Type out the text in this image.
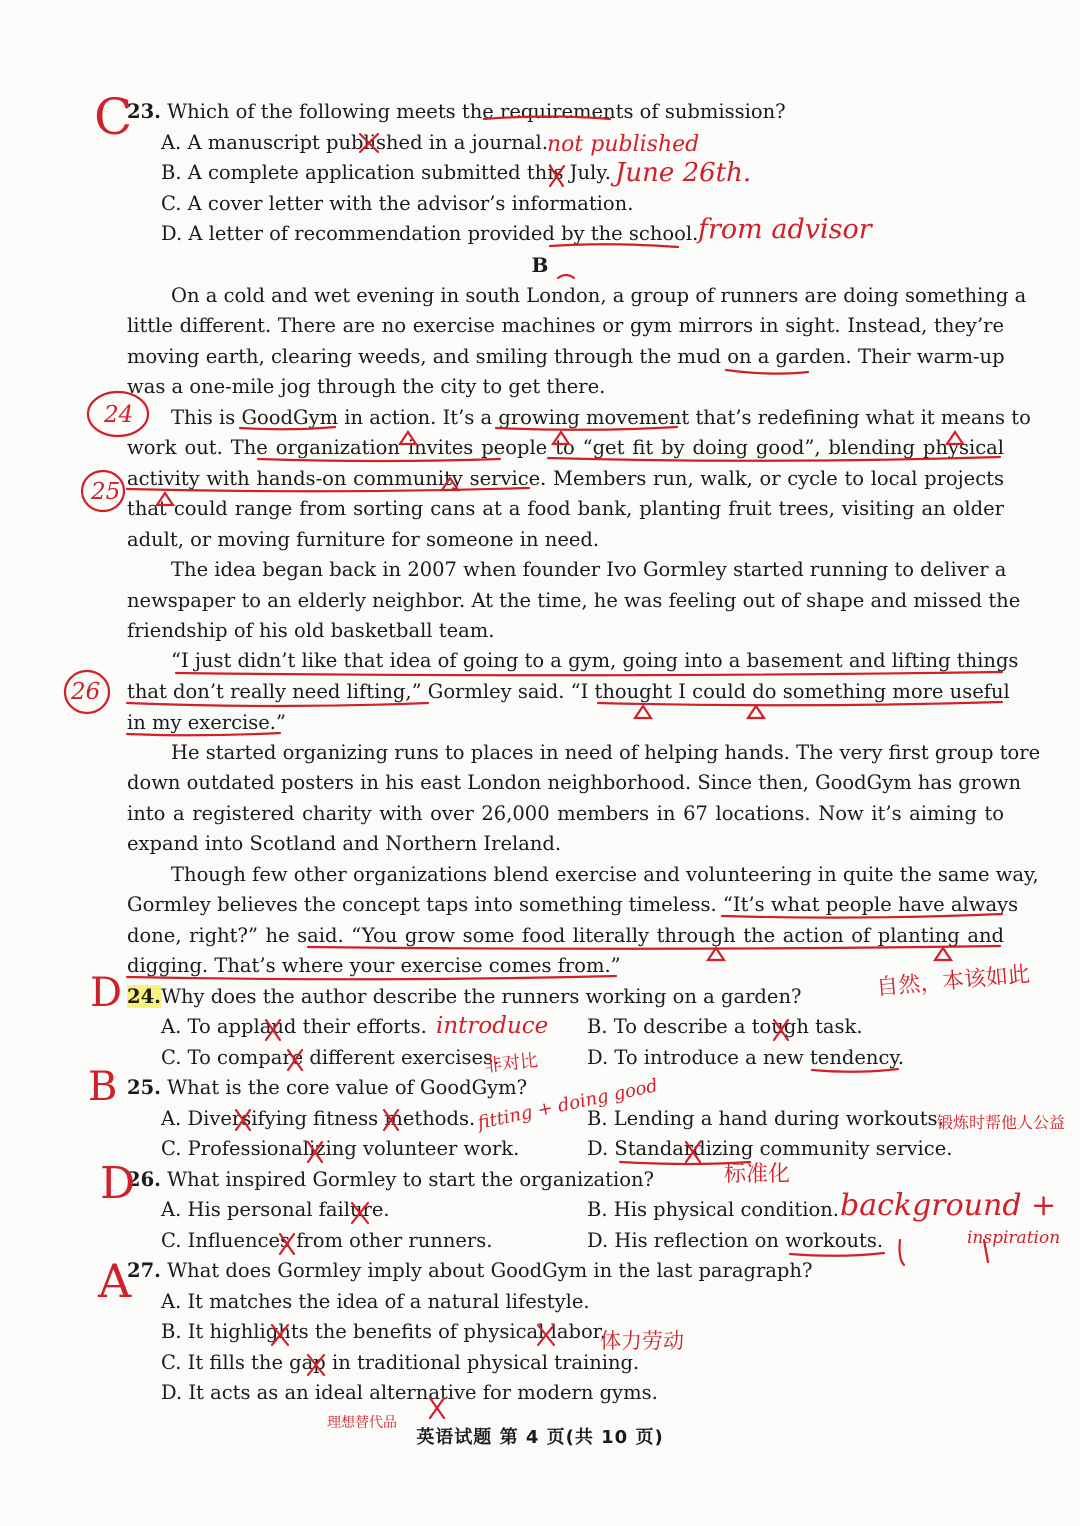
23. Which of the following meets the requirements of submission?
A. A manuscript published in a journal.
B. A complete application submitted this July.
C. A cover letter with the advisor’s information.
D. A letter of recommendation provided by the school.
B
On a cold and wet evening in south London, a group of runners are doing something a
little different. There are no exercise machines or gym mirrors in sight. Instead, they’re
moving earth, clearing weeds, and smiling through the mud on a garden. Their warm-up
was a one-mile jog through the city to get there.
This is GoodGym in action. It’s a growing movement that’s redefining what it means to
work out. The organization invites people to “get fit by doing good”, blending physical
activity with hands-on community service. Members run, walk, or cycle to local projects
that could range from sorting cans at a food bank, planting fruit trees, visiting an older
adult, or moving furniture for someone in need.
The idea began back in 2007 when founder Ivo Gormley started running to deliver a
newspaper to an elderly neighbor. At the time, he was feeling out of shape and missed the
friendship of his old basketball team.
“I just didn’t like that idea of going to a gym, going into a basement and lifting things
that don’t really need lifting,” Gormley said. “I thought I could do something more useful
in my exercise.”
He started organizing runs to places in need of helping hands. The very first group tore
down outdated posters in his east London neighborhood. Since then, GoodGym has grown
into a registered charity with over 26,000 members in 67 locations. Now it’s aiming to
expand into Scotland and Northern Ireland.
Though few other organizations blend exercise and volunteering in quite the same way,
Gormley believes the concept taps into something timeless. “It’s what people have always
done, right?” he said. “You grow some food literally through the action of planting and
digging. That’s where your exercise comes from.”
24.Why does the author describe the runners working on a garden?
A. To applaud their efforts.	B. To describe a tough task.
C. To compare different exercises.	D. To introduce a new tendency.
25. What is the core value of GoodGym?
A. Diversifying fitness methods.	B. Lending a hand during workouts.
C. Professionalizing volunteer work.	D. Standardizing community service.
26. What inspired Gormley to start the organization?
A. His personal failure.	B. His physical condition.
C. Influences from other runners.	D. His reflection on workouts.
27. What does Gormley imply about GoodGym in the last paragraph?
A. It matches the idea of a natural lifestyle.
B. It highlights the benefits of physical labor.
C. It fills the gap in traditional physical training.
D. It acts as an ideal alternative for modern gyms.
英语试题 第 4 页(共 10 页)
C
D
B
D
A
24
25
26
not published
June 26th.
from advisor
introduce
非对比
自然，本该如此
fitting + doing good	锻炼时帮他人公益
标准化
background +
inspiration
体力劳动
理想替代品
